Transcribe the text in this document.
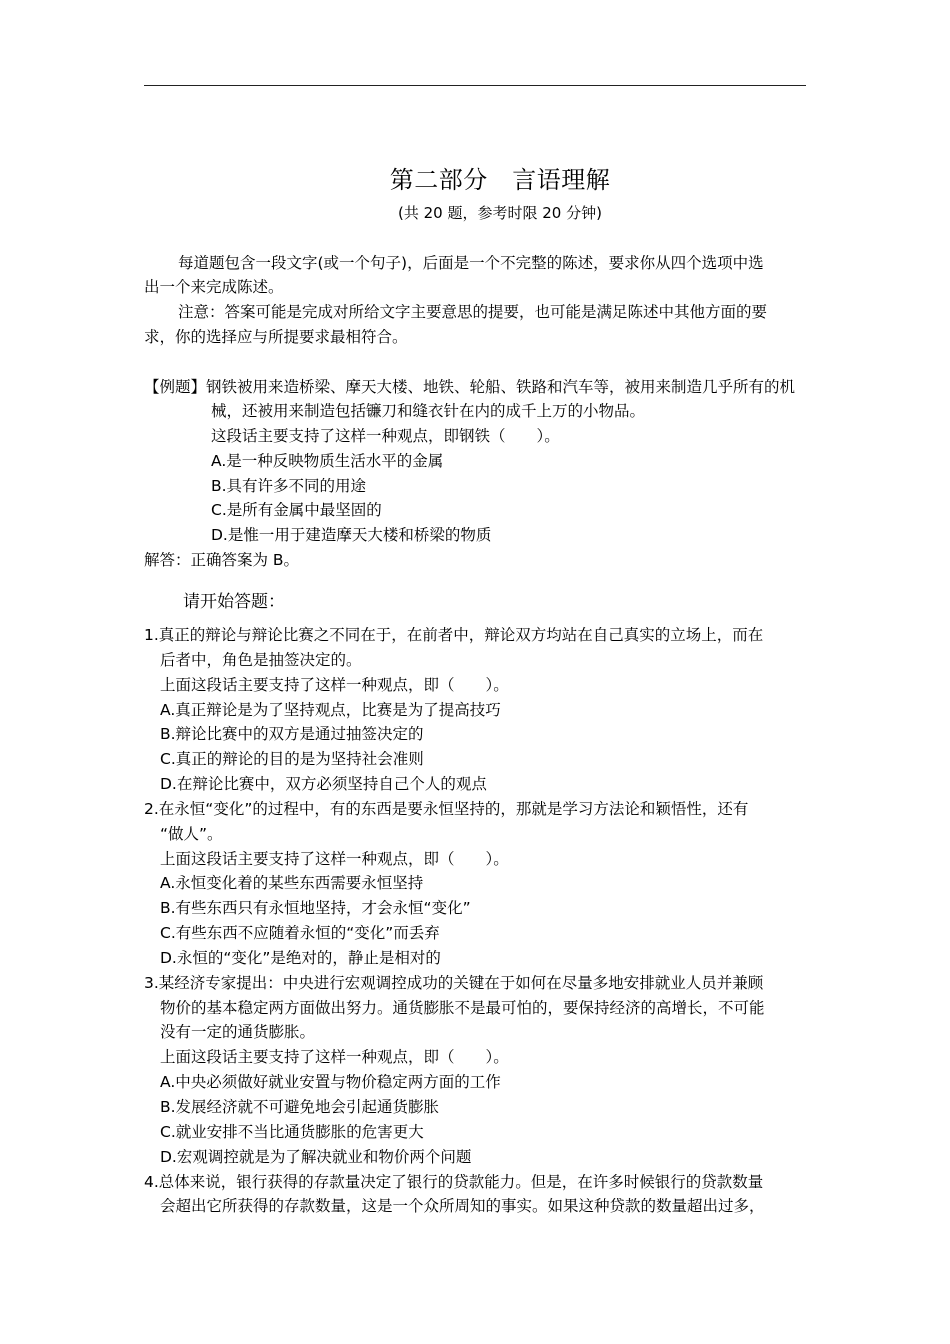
第二部分　言语理解
(共 20 题，参考时限 20 分钟)
每道题包含一段文字(或一个句子)，后面是一个不完整的陈述，要求你从四个选项中选
出一个来完成陈述。
注意：答案可能是完成对所给文字主要意思的提要，也可能是满足陈述中其他方面的要
求，你的选择应与所提要求最相符合。
【例题】钢铁被用来造桥梁、摩天大楼、地铁、轮船、铁路和汽车等，被用来制造几乎所有的机
械，还被用来制造包括镰刀和缝衣针在内的成千上万的小物品。
这段话主要支持了这样一种观点，即钢铁（　　）。
A.是一种反映物质生活水平的金属
B.具有许多不同的用途
C.是所有金属中最坚固的
D.是惟一用于建造摩天大楼和桥梁的物质
解答：正确答案为 B。
请开始答题：
1.真正的辩论与辩论比赛之不同在于，在前者中，辩论双方均站在自己真实的立场上，而在
后者中，角色是抽签决定的。
上面这段话主要支持了这样一种观点，即（　　）。
A.真正辩论是为了坚持观点，比赛是为了提高技巧
B.辩论比赛中的双方是通过抽签决定的
C.真正的辩论的目的是为坚持社会准则
D.在辩论比赛中，双方必须坚持自己个人的观点
2.在永恒“变化”的过程中，有的东西是要永恒坚持的，那就是学习方法论和颖悟性，还有
“做人”。
上面这段话主要支持了这样一种观点，即（　　）。
A.永恒变化着的某些东西需要永恒坚持
B.有些东西只有永恒地坚持，才会永恒“变化”
C.有些东西不应随着永恒的“变化”而丢弃
D.永恒的“变化”是绝对的，静止是相对的
3.某经济专家提出：中央进行宏观调控成功的关键在于如何在尽量多地安排就业人员并兼顾
物价的基本稳定两方面做出努力。通货膨胀不是最可怕的，要保持经济的高增长，不可能
没有一定的通货膨胀。
上面这段话主要支持了这样一种观点，即（　　）。
A.中央必须做好就业安置与物价稳定两方面的工作
B.发展经济就不可避免地会引起通货膨胀
C.就业安排不当比通货膨胀的危害更大
D.宏观调控就是为了解决就业和物价两个问题
4.总体来说，银行获得的存款量决定了银行的贷款能力。但是，在许多时候银行的贷款数量
会超出它所获得的存款数量，这是一个众所周知的事实。如果这种贷款的数量超出过多，
